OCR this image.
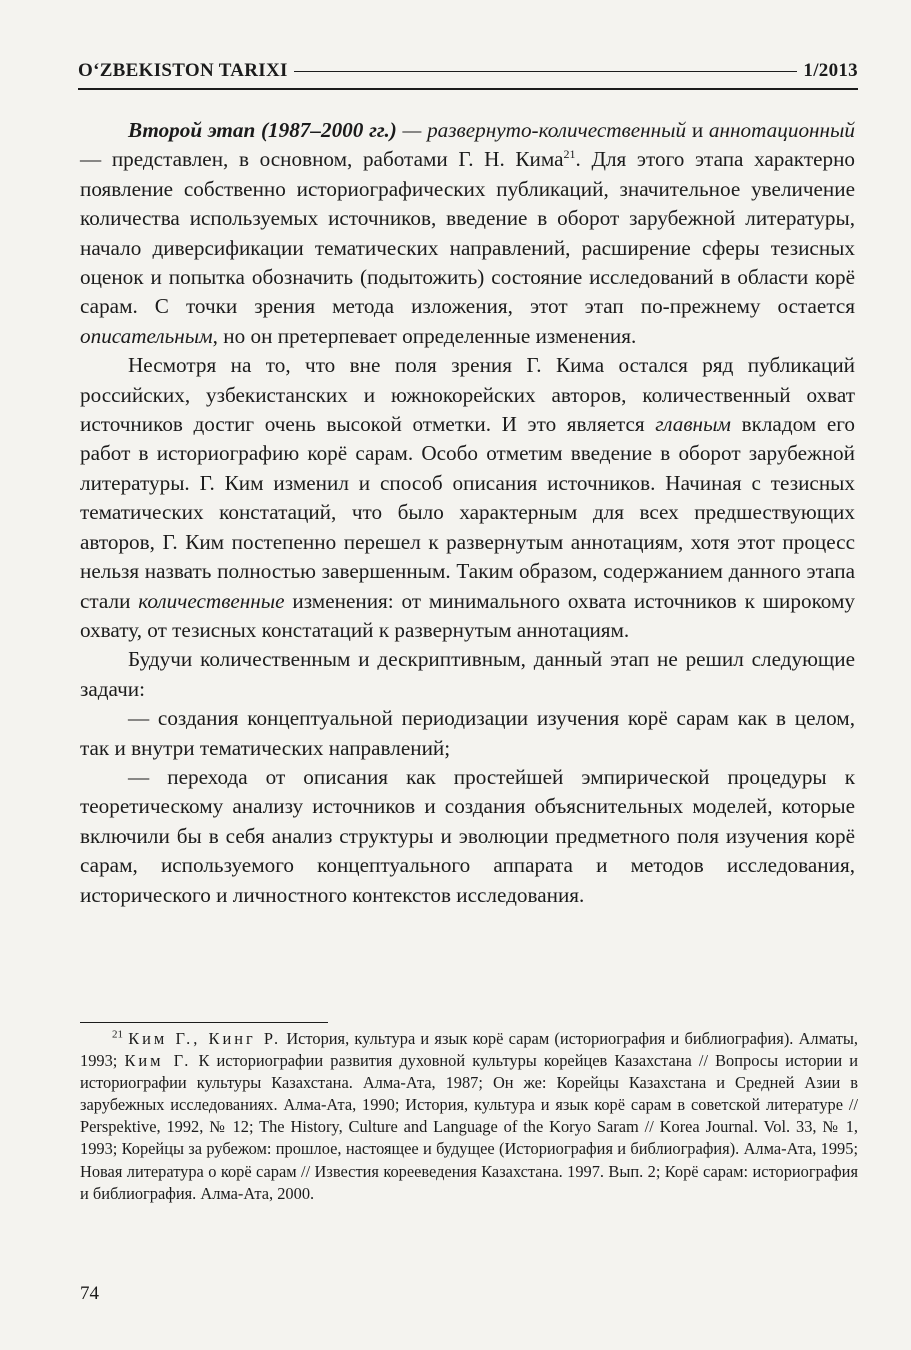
O‘ZBEKISTON TARIXI	1/2013

Второй этап (1987–2000 гг.) — развернуто-количественный и аннотационный — представлен, в основном, работами Г. Н. Кима$^{21}$. Для этого этапа характерно появление собственно историографических публикаций, значительное увеличение количества используемых источников, введение в оборот зарубежной литературы, начало диверсификации тематических направлений, расширение сферы тезисных оценок и попытка обозначить (подытожить) состояние исследований в области корё сарам. С точки зрения метода изложения, этот этап по-прежнему остается описательным, но он претерпевает определенные изменения.

Несмотря на то, что вне поля зрения Г. Кима остался ряд публикаций российских, узбекистанских и южнокорейских авторов, количественный охват источников достиг очень высокой отметки. И это является главным вкладом его работ в историографию корё сарам. Особо отметим введение в оборот зарубежной литературы. Г. Ким изменил и способ описания источников. Начиная с тезисных тематических констатаций, что было характерным для всех предшествующих авторов, Г. Ким постепенно перешел к развернутым аннотациям, хотя этот процесс нельзя назвать полностью завершенным. Таким образом, содержанием данного этапа стали количественные изменения: от минимального охвата источников к широкому охвату, от тезисных констатаций к развернутым аннотациям.

Будучи количественным и дескриптивным, данный этап не решил следующие задачи:

— создания концептуальной периодизации изучения корё сарам как в целом, так и внутри тематических направлений;

— перехода от описания как простейшей эмпирической процедуры к теоретическому анализу источников и создания объяснительных моделей, которые включили бы в себя анализ структуры и эволюции предметного поля изучения корё сарам, используемого концептуального аппарата и методов исследования, исторического и личностного контекстов исследования.

$^{21}$ Ким Г., Кинг Р. История, культура и язык корё сарам (историография и библиография). Алматы, 1993; Ким Г. К историографии развития духовной культуры корейцев Казахстана // Вопросы истории и историографии культуры Казахстана. Алма-Ата, 1987; Он же: Корейцы Казахстана и Средней Азии в зарубежных исследованиях. Алма-Ата, 1990; История, культура и язык корё сарам в советской литературе // Perspektive, 1992, № 12; The History, Culture and Language of the Koryo Saram // Korea Journal. Vol. 33, № 1, 1993; Корейцы за рубежом: прошлое, настоящее и будущее (Историография и библиография). Алма-Ата, 1995; Новая литература о корё сарам // Известия корееведения Казахстана. 1997. Вып. 2; Корё сарам: историография и библиография. Алма-Ата, 2000.

74
